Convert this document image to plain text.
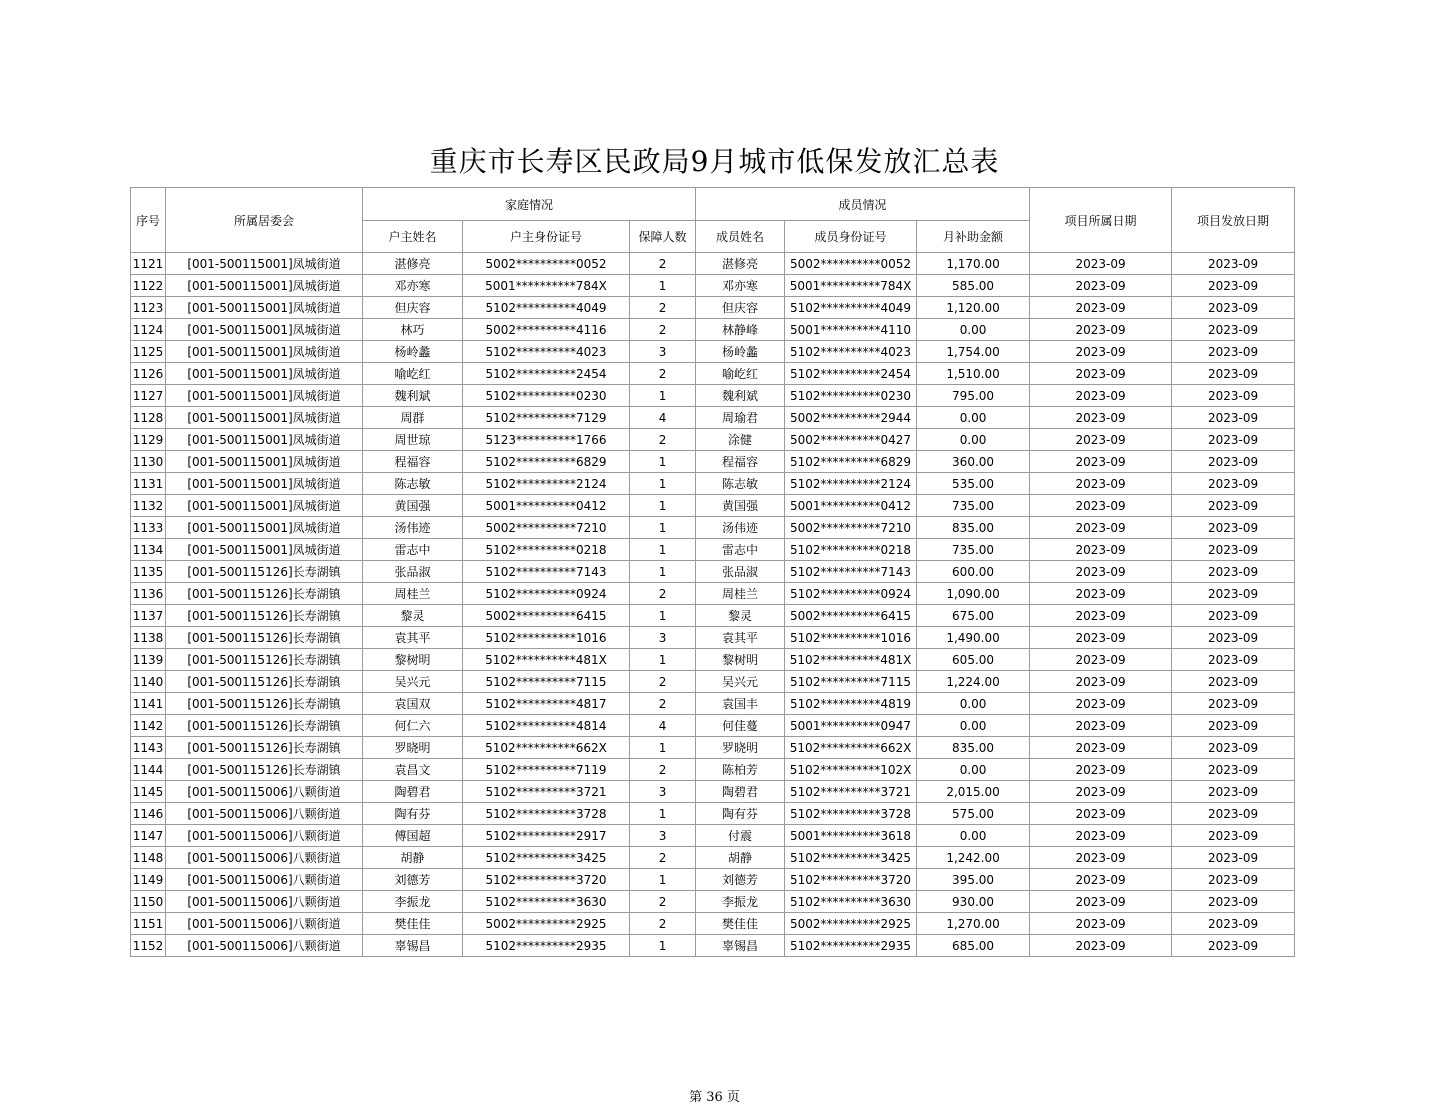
重庆市长寿区民政局9月城市低保发放汇总表
序号	所属居委会	家庭情况			成员情况			项目所属日期	项目发放日期
		户主姓名	户主身份证号	保障人数	成员姓名	成员身份证号	月补助金额		
1121	[001-500115001]凤城街道	湛修亮	5002**********0052	2	湛修亮	5002**********0052	1,170.00	2023-09	2023-09
1122	[001-500115001]凤城街道	邓亦寒	5001**********784X	1	邓亦寒	5001**********784X	585.00	2023-09	2023-09
1123	[001-500115001]凤城街道	但庆容	5102**********4049	2	但庆容	5102**********4049	1,120.00	2023-09	2023-09
1124	[001-500115001]凤城街道	林巧	5002**********4116	2	林静峰	5001**********4110	0.00	2023-09	2023-09
1125	[001-500115001]凤城街道	杨岭蠡	5102**********4023	3	杨岭蠡	5102**********4023	1,754.00	2023-09	2023-09
1126	[001-500115001]凤城街道	喻屹红	5102**********2454	2	喻屹红	5102**********2454	1,510.00	2023-09	2023-09
1127	[001-500115001]凤城街道	魏利斌	5102**********0230	1	魏利斌	5102**********0230	795.00	2023-09	2023-09
1128	[001-500115001]凤城街道	周群	5102**********7129	4	周瑜君	5002**********2944	0.00	2023-09	2023-09
1129	[001-500115001]凤城街道	周世琼	5123**********1766	2	涂健	5002**********0427	0.00	2023-09	2023-09
1130	[001-500115001]凤城街道	程福容	5102**********6829	1	程福容	5102**********6829	360.00	2023-09	2023-09
1131	[001-500115001]凤城街道	陈志敏	5102**********2124	1	陈志敏	5102**********2124	535.00	2023-09	2023-09
1132	[001-500115001]凤城街道	黄国强	5001**********0412	1	黄国强	5001**********0412	735.00	2023-09	2023-09
1133	[001-500115001]凤城街道	汤伟迹	5002**********7210	1	汤伟迹	5002**********7210	835.00	2023-09	2023-09
1134	[001-500115001]凤城街道	雷志中	5102**********0218	1	雷志中	5102**********0218	735.00	2023-09	2023-09
1135	[001-500115126]长寿湖镇	张品淑	5102**********7143	1	张品淑	5102**********7143	600.00	2023-09	2023-09
1136	[001-500115126]长寿湖镇	周桂兰	5102**********0924	2	周桂兰	5102**********0924	1,090.00	2023-09	2023-09
1137	[001-500115126]长寿湖镇	黎灵	5002**********6415	1	黎灵	5002**********6415	675.00	2023-09	2023-09
1138	[001-500115126]长寿湖镇	袁其平	5102**********1016	3	袁其平	5102**********1016	1,490.00	2023-09	2023-09
1139	[001-500115126]长寿湖镇	黎树明	5102**********481X	1	黎树明	5102**********481X	605.00	2023-09	2023-09
1140	[001-500115126]长寿湖镇	吴兴元	5102**********7115	2	吴兴元	5102**********7115	1,224.00	2023-09	2023-09
1141	[001-500115126]长寿湖镇	袁国双	5102**********4817	2	袁国丰	5102**********4819	0.00	2023-09	2023-09
1142	[001-500115126]长寿湖镇	何仁六	5102**********4814	4	何佳蔓	5001**********0947	0.00	2023-09	2023-09
1143	[001-500115126]长寿湖镇	罗晓明	5102**********662X	1	罗晓明	5102**********662X	835.00	2023-09	2023-09
1144	[001-500115126]长寿湖镇	袁昌文	5102**********7119	2	陈柏芳	5102**********102X	0.00	2023-09	2023-09
1145	[001-500115006]八颗街道	陶碧君	5102**********3721	3	陶碧君	5102**********3721	2,015.00	2023-09	2023-09
1146	[001-500115006]八颗街道	陶有芬	5102**********3728	1	陶有芬	5102**********3728	575.00	2023-09	2023-09
1147	[001-500115006]八颗街道	傅国超	5102**********2917	3	付震	5001**********3618	0.00	2023-09	2023-09
1148	[001-500115006]八颗街道	胡静	5102**********3425	2	胡静	5102**********3425	1,242.00	2023-09	2023-09
1149	[001-500115006]八颗街道	刘德芳	5102**********3720	1	刘德芳	5102**********3720	395.00	2023-09	2023-09
1150	[001-500115006]八颗街道	李振龙	5102**********3630	2	李振龙	5102**********3630	930.00	2023-09	2023-09
1151	[001-500115006]八颗街道	樊佳佳	5002**********2925	2	樊佳佳	5002**********2925	1,270.00	2023-09	2023-09
1152	[001-500115006]八颗街道	辜锡昌	5102**********2935	1	辜锡昌	5102**********2935	685.00	2023-09	2023-09
第 36 页
